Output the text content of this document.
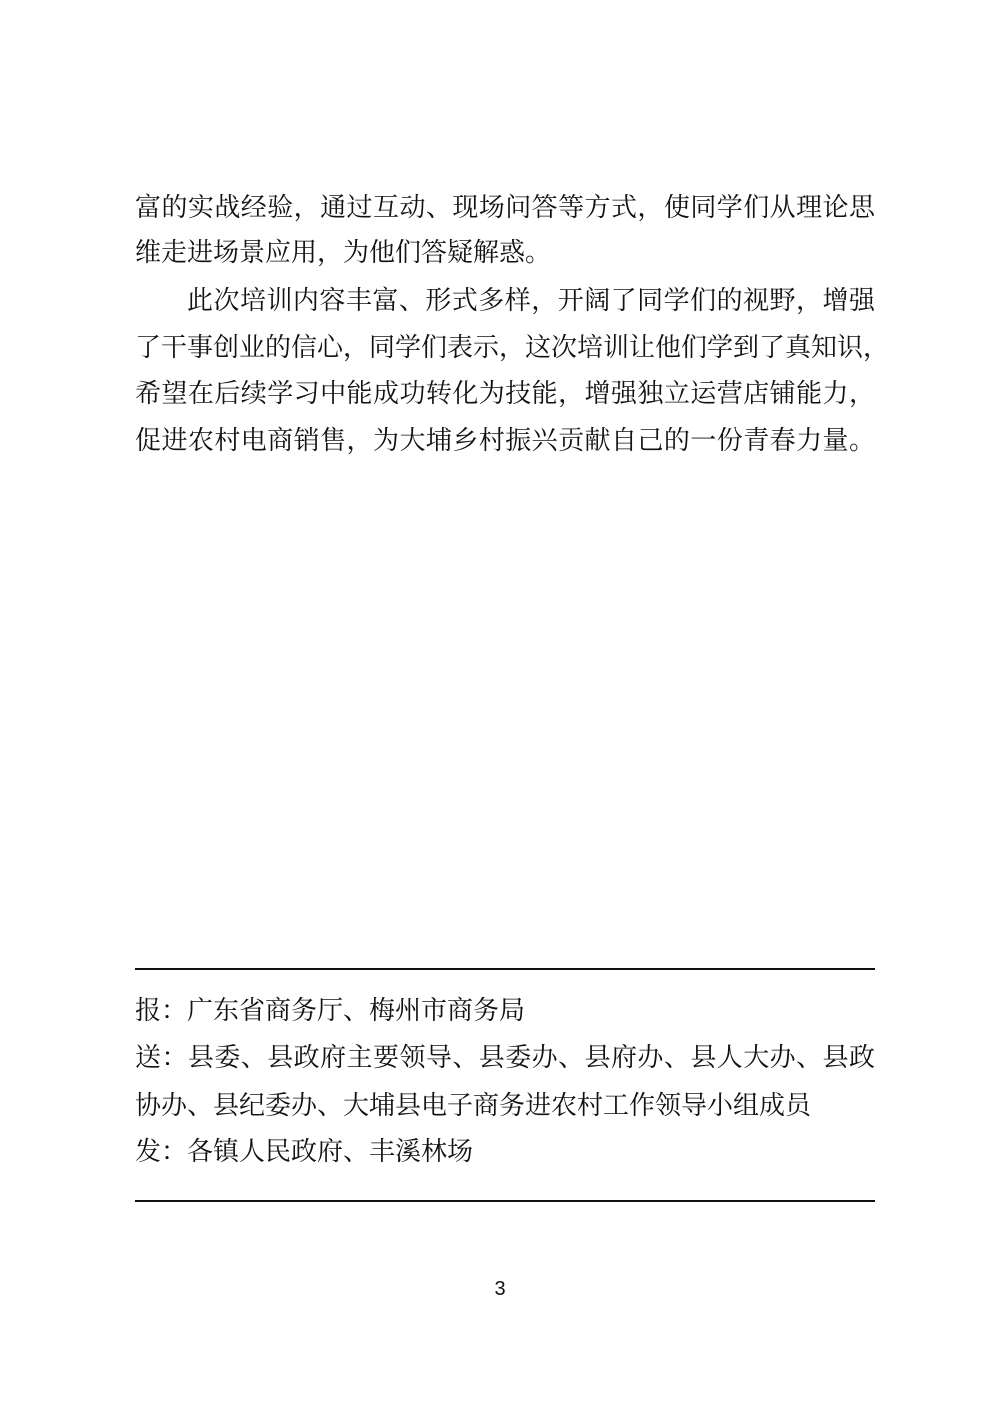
富的实战经验，通过互动、现场问答等方式，使同学们从理论思
维走进场景应用，为他们答疑解惑。
此次培训内容丰富、形式多样，开阔了同学们的视野，增强
了干事创业的信心，同学们表示，这次培训让他们学到了真知识，
希望在后续学习中能成功转化为技能，增强独立运营店铺能力，
促进农村电商销售，为大埔乡村振兴贡献自己的一份青春力量。
报：广东省商务厅、梅州市商务局
送：县委、县政府主要领导、县委办、县府办、县人大办、县政
协办、县纪委办、大埔县电子商务进农村工作领导小组成员
发：各镇人民政府、丰溪林场
3
